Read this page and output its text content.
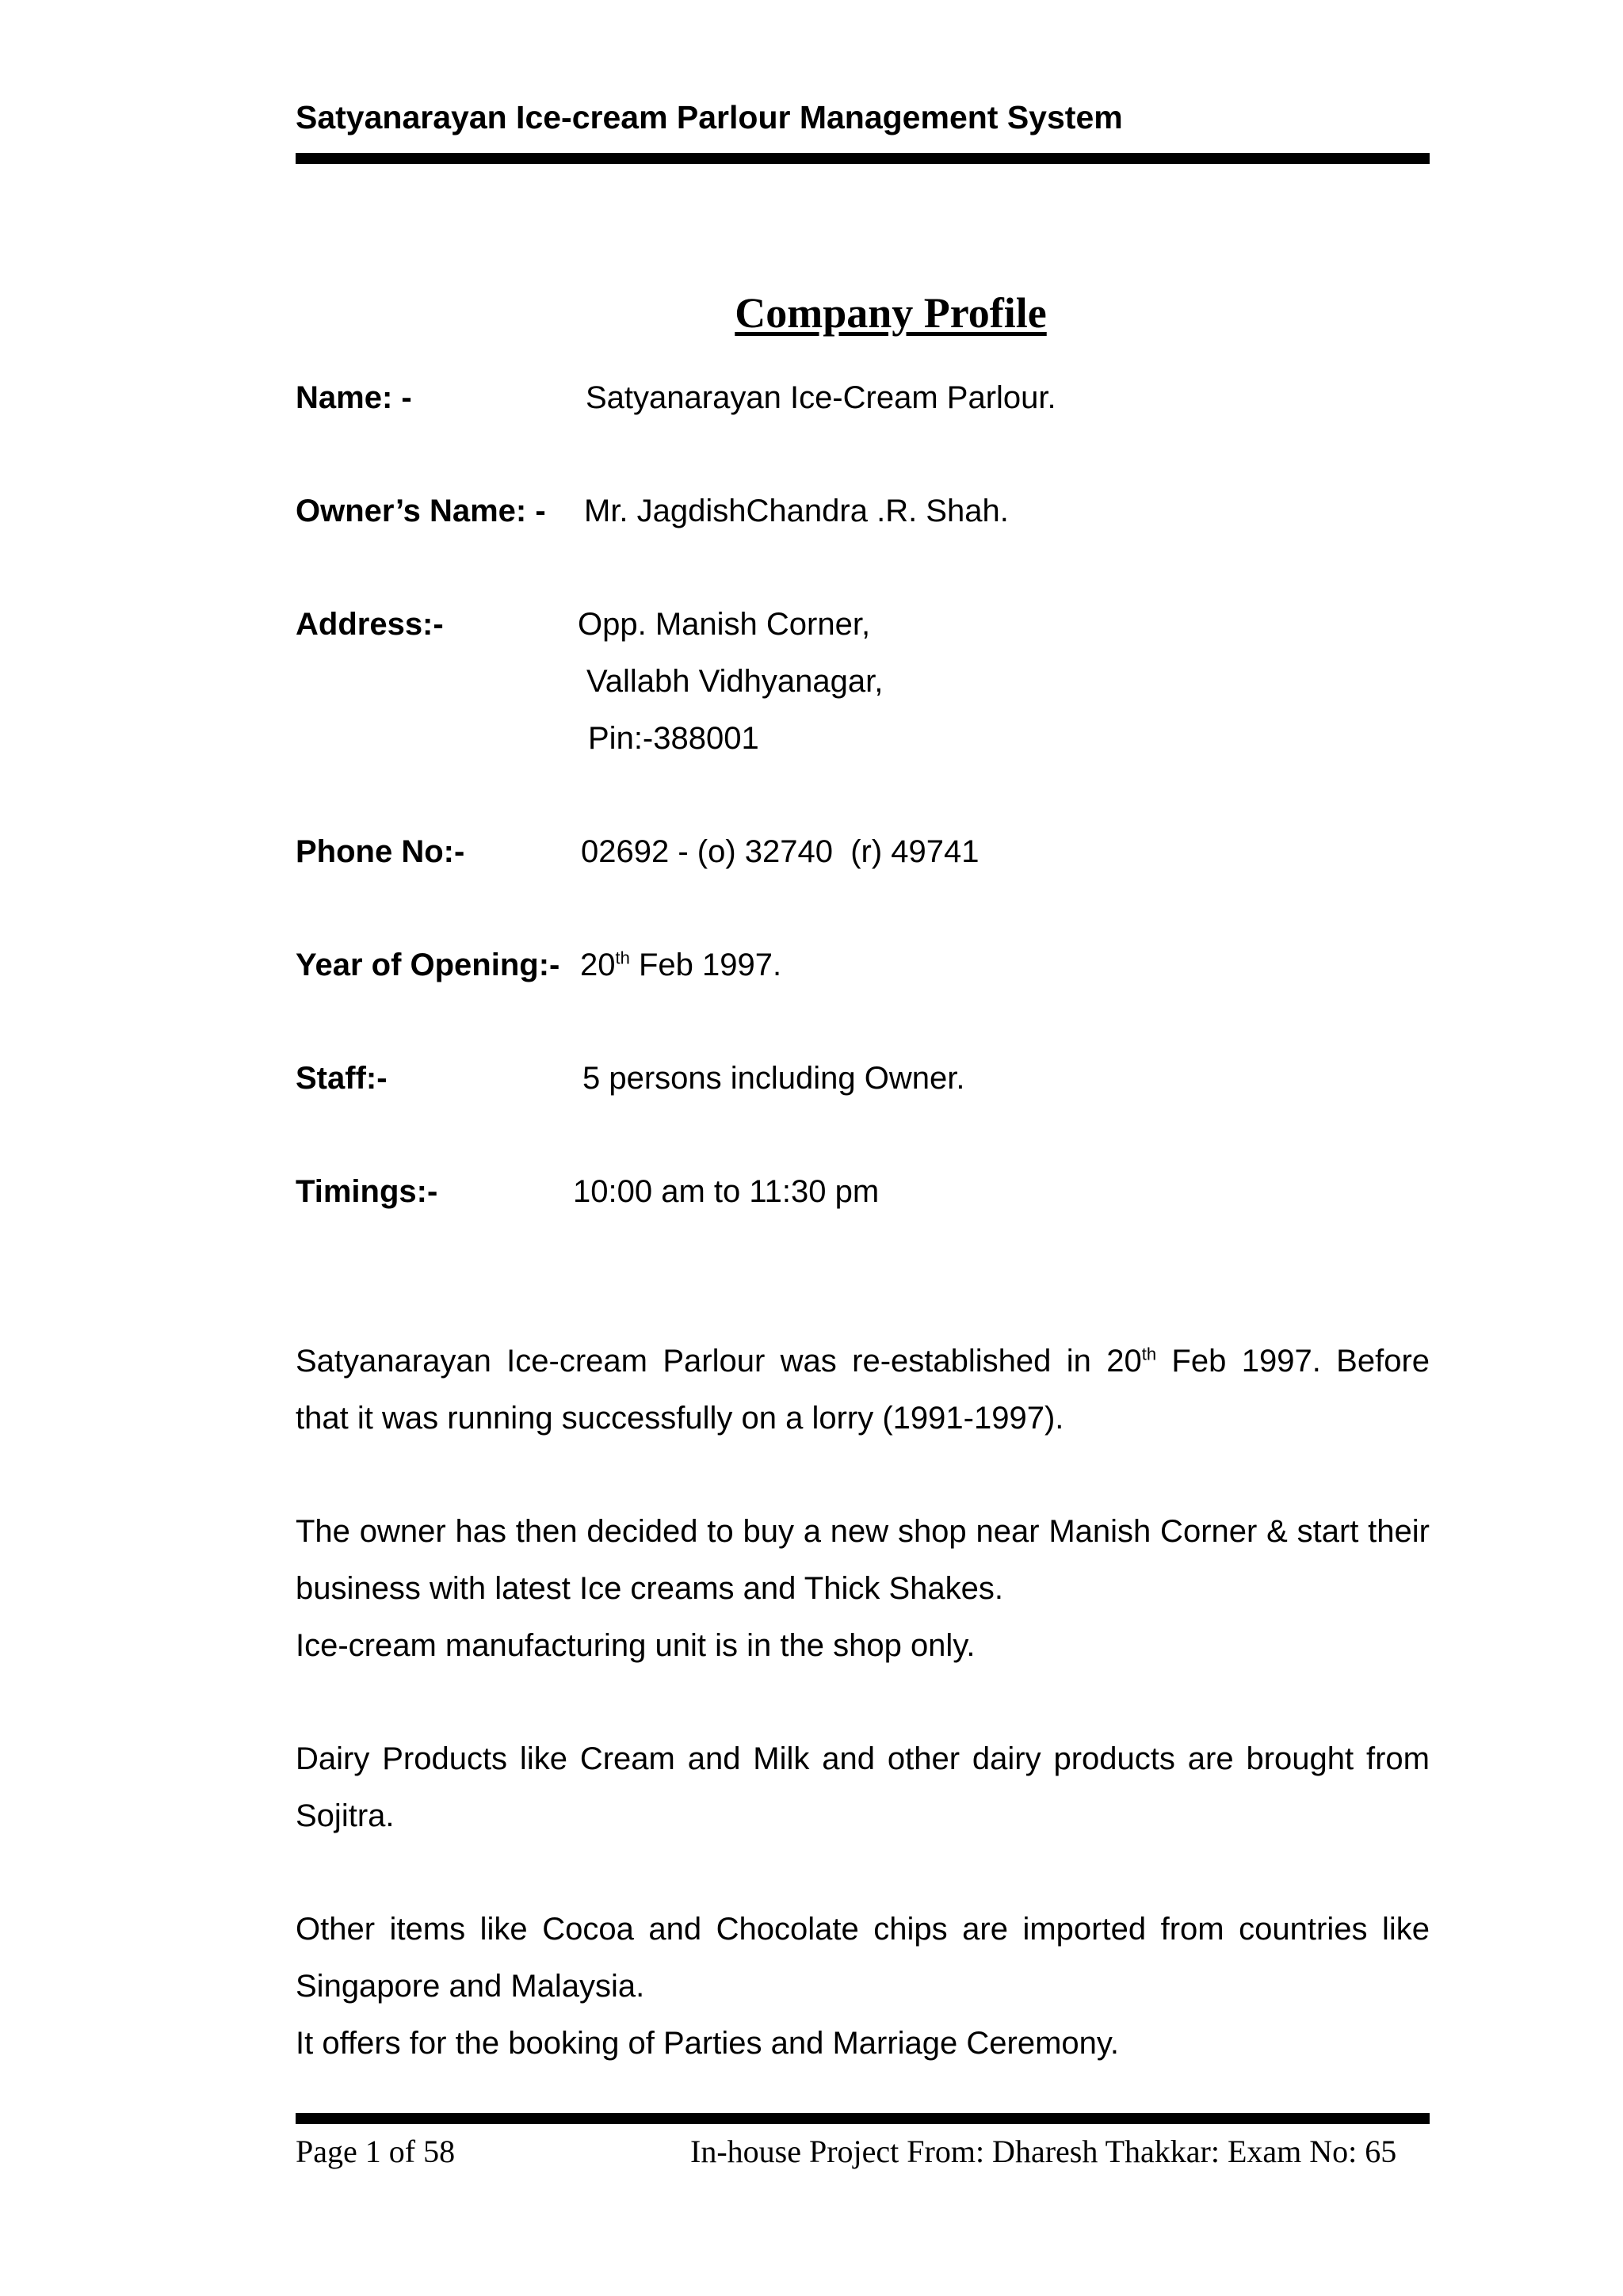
Satyanarayan Ice-cream Parlour Management System
Company Profile
Name: -	Satyanarayan Ice-Cream Parlour.
Owner’s Name: - Mr. JagdishChandra .R. Shah.
Address:-	Opp. Manish Corner,
Vallabh Vidhyanagar,
Pin:-388001
Phone No:-	02692 - (o) 32740  (r) 49741
Year of Opening:- 20th Feb 1997.
Staff:-	5 persons including Owner.
Timings:-	10:00 am to 11:30 pm
Satyanarayan Ice-cream Parlour was re-established in 20th Feb 1997. Before that it was running successfully on a lorry (1991-1997).
The owner has then decided to buy a new shop near Manish Corner & start their business with latest Ice creams and Thick Shakes.
Ice-cream manufacturing unit is in the shop only.
Dairy Products like Cream and Milk and other dairy products are brought from Sojitra.
Other items like Cocoa and Chocolate chips are imported from countries like Singapore and Malaysia.
It offers for the booking of Parties and Marriage Ceremony.
Page 1 of 58	In-house Project From: Dharesh Thakkar: Exam No: 65
